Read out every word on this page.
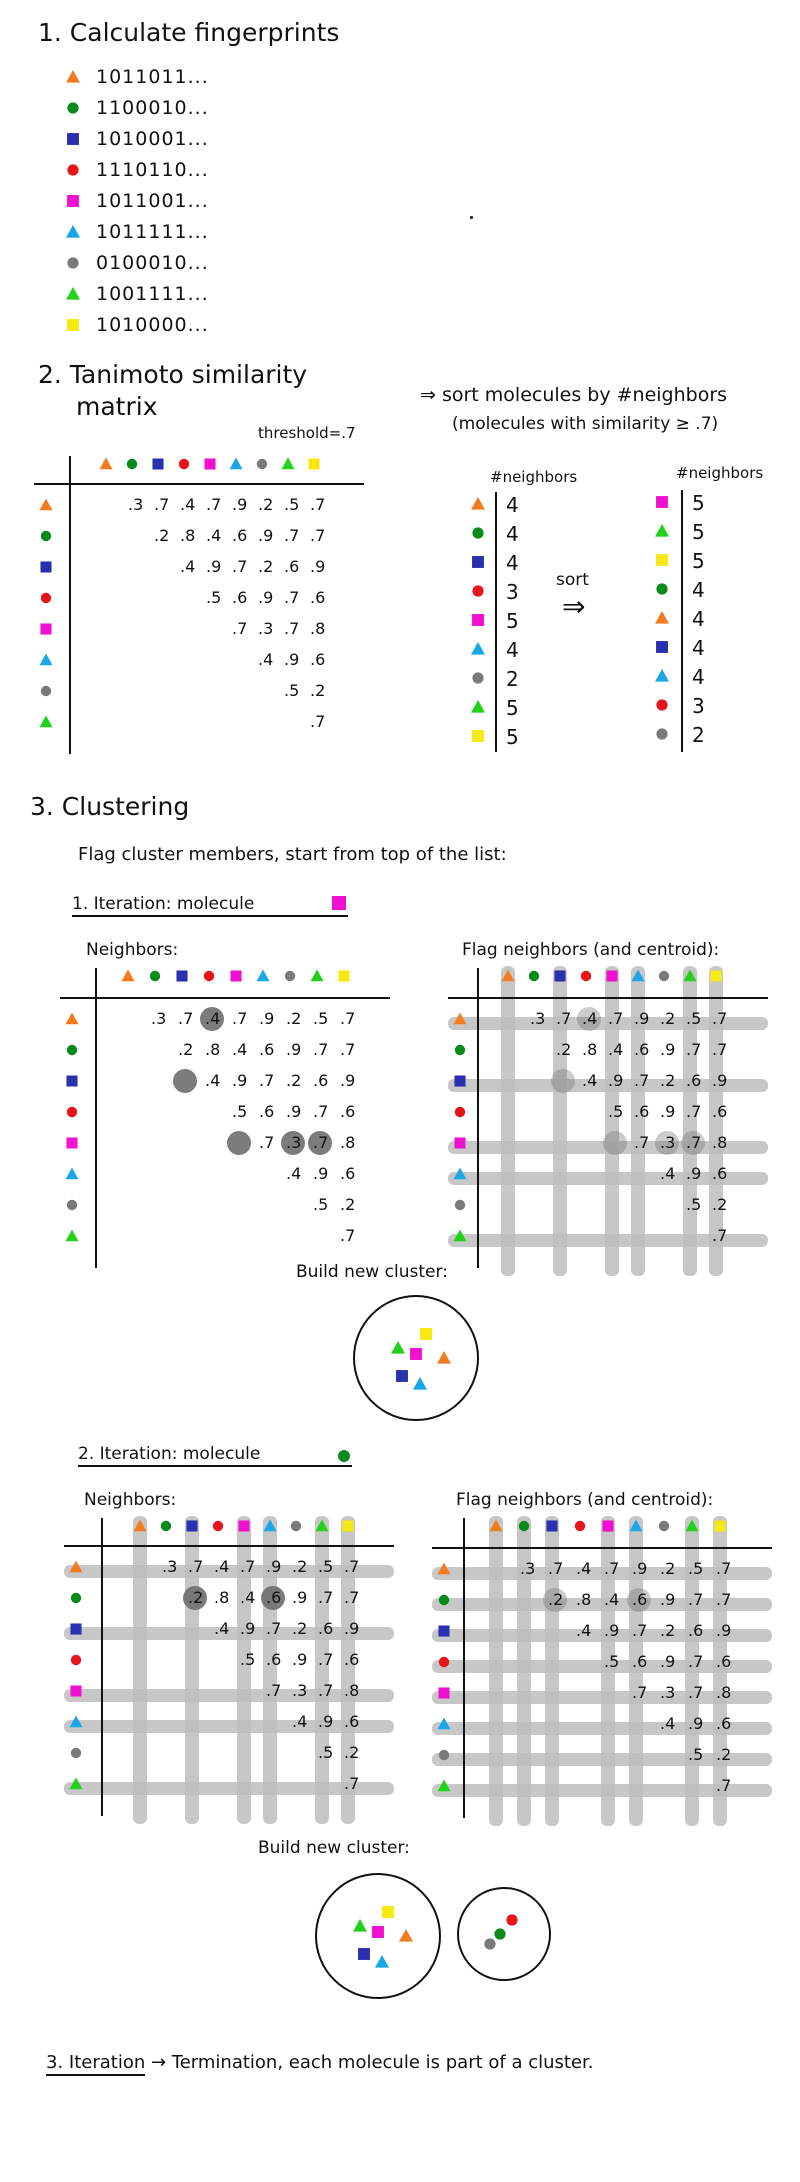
1. Calculate fingerprints
1011011...
1100010...
1010001...
1110110...
1011001...
1011111...
0100010...
1001111...
1010000...
2. Tanimoto similarity
matrix
threshold=.7
.3 .7 .4 .7 .9 .2 .5 .7
.2 .8 .4 .6 .9 .7 .7
.4 .9 .7 .2 .6 .9
.5 .6 .9 .7 .6
.7 .3 .7 .8
.4 .9 .6
.5 .2
.7
⇒ sort molecules by #neighbors
(molecules with similarity ≥ .7)
#neighbors	#neighbors
4
4
4
3
5
4
2
5
5
5
5
5
4
4
4
4
3
2
sort
⇒
3. Clustering
Flag cluster members, start from top of the list:
1. Iteration: molecule
Neighbors:
.3 .7 .4 .7 .9 .2 .5 .7
.2 .8 .4 .6 .9 .7 .7
.4 .9 .7 .2 .6 .9
.5 .6 .9 .7 .6
.7 .3 .7 .8
.4 .9 .6
.5 .2
.7
Flag neighbors (and centroid):
.3 .7 .4 .7 .9 .2 .5 .7
.2 .8 .4 .6 .9 .7 .7
.4 .9 .7 .2 .6 .9
.5 .6 .9 .7 .6
.7 .3 .7 .8
.4 .9 .6
.5 .2
.7
Build new cluster:
2. Iteration: molecule
Neighbors:
.3 .7 .4 .7 .9 .2 .5 .7
.2 .8 .4 .6 .9 .7 .7
.4 .9 .7 .2 .6 .9
.5 .6 .9 .7 .6
.7 .3 .7 .8
.4 .9 .6
.5 .2
.7
Flag neighbors (and centroid):
.3 .7 .4 .7 .9 .2 .5 .7
.2 .8 .4 .6 .9 .7 .7
.4 .9 .7 .2 .6 .9
.5 .6 .9 .7 .6
.7 .3 .7 .8
.4 .9 .6
.5 .2
.7
Build new cluster:
3. Iteration → Termination, each molecule is part of a cluster.
